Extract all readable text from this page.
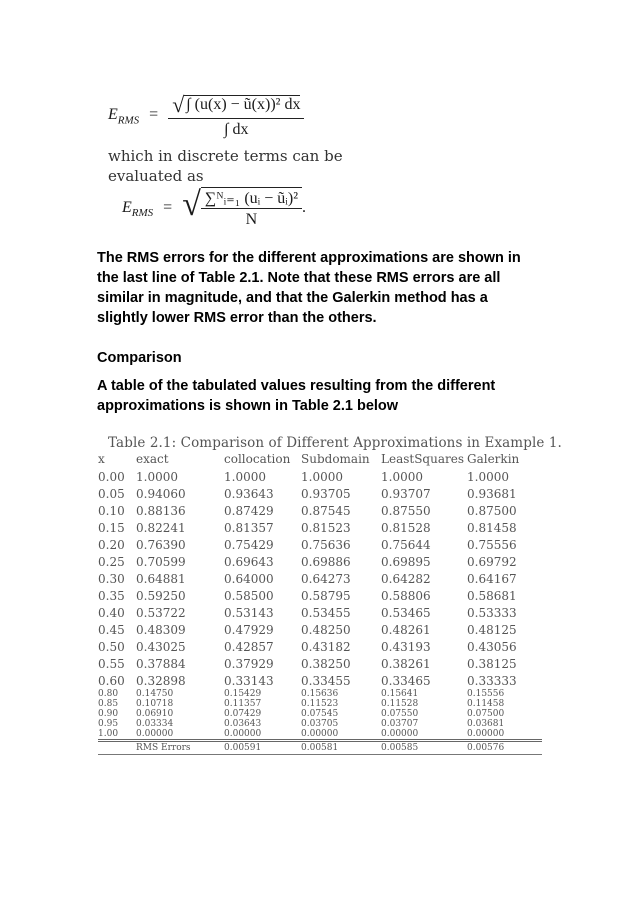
$E_{RMS} = \frac{\text{√ ∫ (u(x) − ũ(x))² dx}}{\int dx}$
which in discrete terms can be
evaluated as
$E_{RMS}$ = √ $\frac{\text{∑ᴺᵢ₌₁ (uᵢ − ũᵢ)²}}{N}$ .
The RMS errors for the different approximations are shown in
the last line of Table 2.1. Note that these RMS errors are all
similar in magnitude, and that the Galerkin method has a
slightly lower RMS error than the others.
Comparison
A table of the tabulated values resulting from the different
approximations is shown in Table 2.1 below
Table 2.1: Comparison of Different Approximations in Example 1.
x	exact	collocation	Subdomain	LeastSquares	Galerkin
0.00	1.0000	1.0000	1.0000	1.0000	1.0000
0.05	0.94060	0.93643	0.93705	0.93707	0.93681
0.10	0.88136	0.87429	0.87545	0.87550	0.87500
0.15	0.82241	0.81357	0.81523	0.81528	0.81458
0.20	0.76390	0.75429	0.75636	0.75644	0.75556
0.25	0.70599	0.69643	0.69886	0.69895	0.69792
0.30	0.64881	0.64000	0.64273	0.64282	0.64167
0.35	0.59250	0.58500	0.58795	0.58806	0.58681
0.40	0.53722	0.53143	0.53455	0.53465	0.53333
0.45	0.48309	0.47929	0.48250	0.48261	0.48125
0.50	0.43025	0.42857	0.43182	0.43193	0.43056
0.55	0.37884	0.37929	0.38250	0.38261	0.38125
0.60	0.32898	0.33143	0.33455	0.33465	0.33333
0.80	0.14750	0.15429	0.15636	0.15641	0.15556
0.85	0.10718	0.11357	0.11523	0.11528	0.11458
0.90	0.06910	0.07429	0.07545	0.07550	0.07500
0.95	0.03334	0.03643	0.03705	0.03707	0.03681
1.00	0.00000	0.00000	0.00000	0.00000	0.00000
	RMS Errors	0.00591	0.00581	0.00585	0.00576
